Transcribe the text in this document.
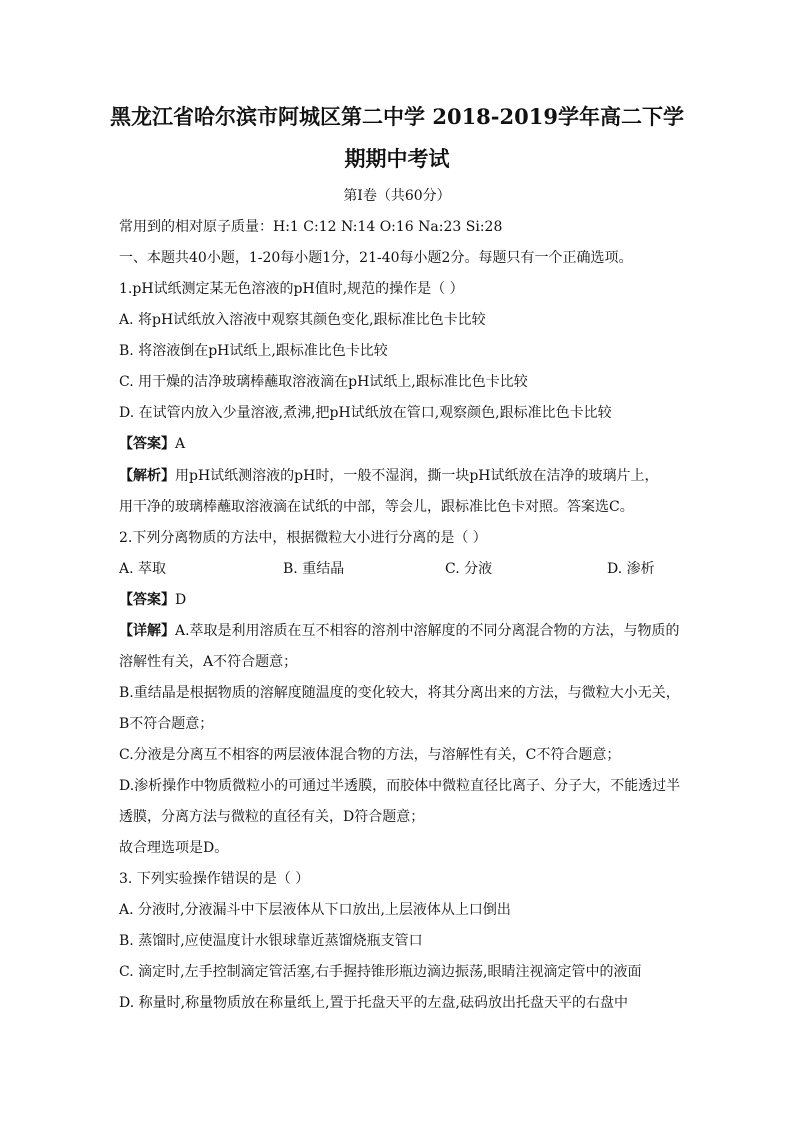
黑龙江省哈尔滨市阿城区第二中学 2018-2019学年高二下学
期期中考试
第Ⅰ卷（共60分）
常用到的相对原子质量：H:1 C:12 N:14 O:16 Na:23 Si:28
一、本题共40小题，1-20每小题1分，21-40每小题2分。每题只有一个正确选项。
1.pH试纸测定某无色溶液的pH值时,规范的操作是（ ）
A. 将pH试纸放入溶液中观察其颜色变化,跟标准比色卡比较
B. 将溶液倒在pH试纸上,跟标准比色卡比较
C. 用干燥的洁净玻璃棒蘸取溶液滴在pH试纸上,跟标准比色卡比较
D. 在试管内放入少量溶液,煮沸,把pH试纸放在管口,观察颜色,跟标准比色卡比较
【答案】A
【解析】用pH试纸测溶液的pH时，一般不湿润，撕一块pH试纸放在洁净的玻璃片上，
用干净的玻璃棒蘸取溶液滴在试纸的中部，等会儿，跟标准比色卡对照。答案选C。
2.下列分离物质的方法中，根据微粒大小进行分离的是（ ）
A. 萃取	B. 重结晶	C. 分液	D. 渗析
【答案】D
【详解】A.萃取是利用溶质在互不相容的溶剂中溶解度的不同分离混合物的方法，与物质的
溶解性有关，A不符合题意；
B.重结晶是根据物质的溶解度随温度的变化较大，将其分离出来的方法，与微粒大小无关，
B不符合题意；
C.分液是分离互不相容的两层液体混合物的方法，与溶解性有关，C不符合题意；
D.渗析操作中物质微粒小的可通过半透膜，而胶体中微粒直径比离子、分子大，不能透过半
透膜，分离方法与微粒的直径有关，D符合题意；
故合理选项是D。
3. 下列实验操作错误的是（ ）
A. 分液时,分液漏斗中下层液体从下口放出,上层液体从上口倒出
B. 蒸馏时,应使温度计水银球靠近蒸馏烧瓶支管口
C. 滴定时,左手控制滴定管活塞,右手握持锥形瓶边滴边振荡,眼睛注视滴定管中的液面
D. 称量时,称量物质放在称量纸上,置于托盘天平的左盘,砝码放出托盘天平的右盘中
